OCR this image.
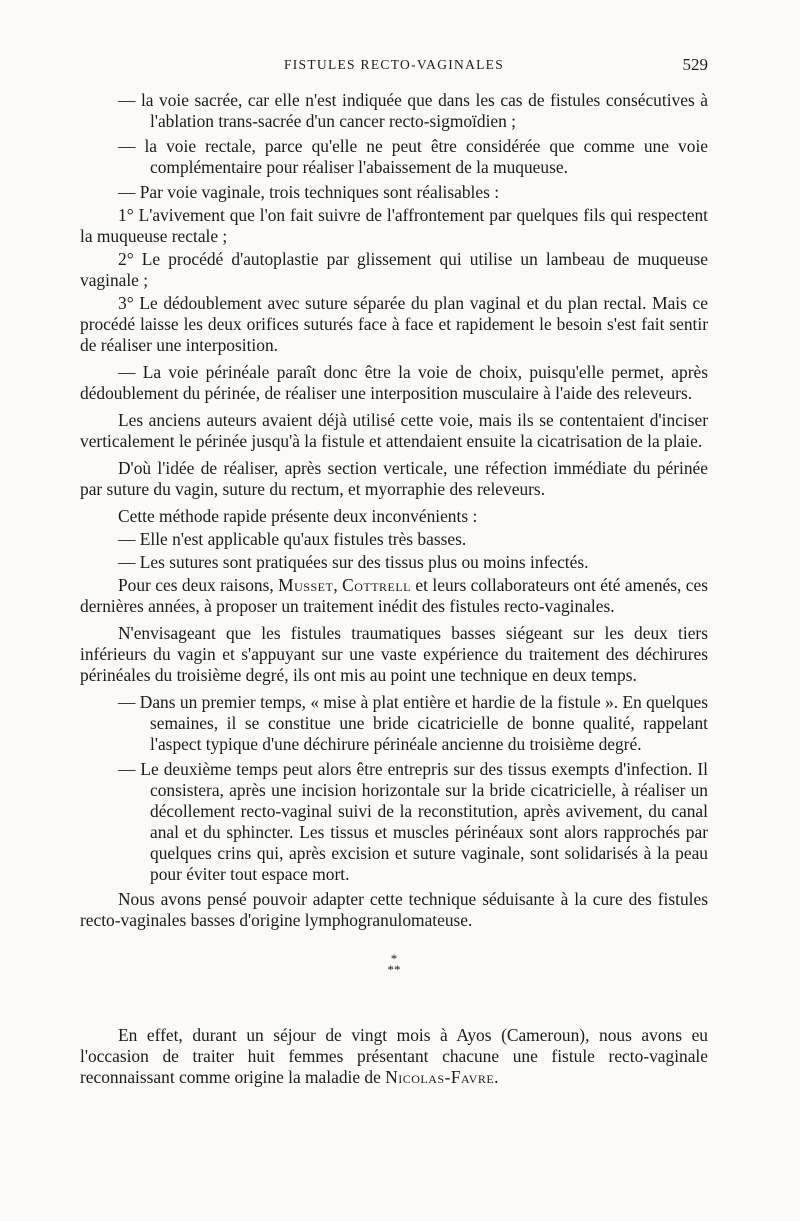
FISTULES RECTO-VAGINALES	529

— la voie sacrée, car elle n'est indiquée que dans les cas de fistules consécutives à l'ablation trans-sacrée d'un cancer recto-sigmoïdien ;

— la voie rectale, parce qu'elle ne peut être considérée que comme une voie complémentaire pour réaliser l'abaissement de la muqueuse.

— Par voie vaginale, trois techniques sont réalisables :

1° L'avivement que l'on fait suivre de l'affrontement par quelques fils qui respectent la muqueuse rectale ;

2° Le procédé d'autoplastie par glissement qui utilise un lambeau de muqueuse vaginale ;

3° Le dédoublement avec suture séparée du plan vaginal et du plan rectal. Mais ce procédé laisse les deux orifices suturés face à face et rapidement le besoin s'est fait sentir de réaliser une interposition.

— La voie périnéale paraît donc être la voie de choix, puisqu'elle permet, après dédoublement du périnée, de réaliser une interposition musculaire à l'aide des releveurs.

Les anciens auteurs avaient déjà utilisé cette voie, mais ils se contentaient d'inciser verticalement le périnée jusqu'à la fistule et attendaient ensuite la cicatrisation de la plaie.

D'où l'idée de réaliser, après section verticale, une réfection immédiate du périnée par suture du vagin, suture du rectum, et myorraphie des releveurs.

Cette méthode rapide présente deux inconvénients :

— Elle n'est applicable qu'aux fistules très basses.

— Les sutures sont pratiquées sur des tissus plus ou moins infectés.

Pour ces deux raisons, Musset, Cottrell et leurs collaborateurs ont été amenés, ces dernières années, à proposer un traitement inédit des fistules recto-vaginales.

N'envisageant que les fistules traumatiques basses siégeant sur les deux tiers inférieurs du vagin et s'appuyant sur une vaste expérience du traitement des déchirures périnéales du troisième degré, ils ont mis au point une technique en deux temps.

— Dans un premier temps, « mise à plat entière et hardie de la fistule ». En quelques semaines, il se constitue une bride cicatricielle de bonne qualité, rappelant l'aspect typique d'une déchirure périnéale ancienne du troisième degré.

— Le deuxième temps peut alors être entrepris sur des tissus exempts d'infection. Il consistera, après une incision horizontale sur la bride cicatricielle, à réaliser un décollement recto-vaginal suivi de la reconstitution, après avivement, du canal anal et du sphincter. Les tissus et muscles périnéaux sont alors rapprochés par quelques crins qui, après excision et suture vaginale, sont solidarisés à la peau pour éviter tout espace mort.

Nous avons pensé pouvoir adapter cette technique séduisante à la cure des fistules recto-vaginales basses d'origine lymphogranulomateuse.

*
**

En effet, durant un séjour de vingt mois à Ayos (Cameroun), nous avons eu l'occasion de traiter huit femmes présentant chacune une fistule recto-vaginale reconnaissant comme origine la maladie de Nicolas-Favre.
